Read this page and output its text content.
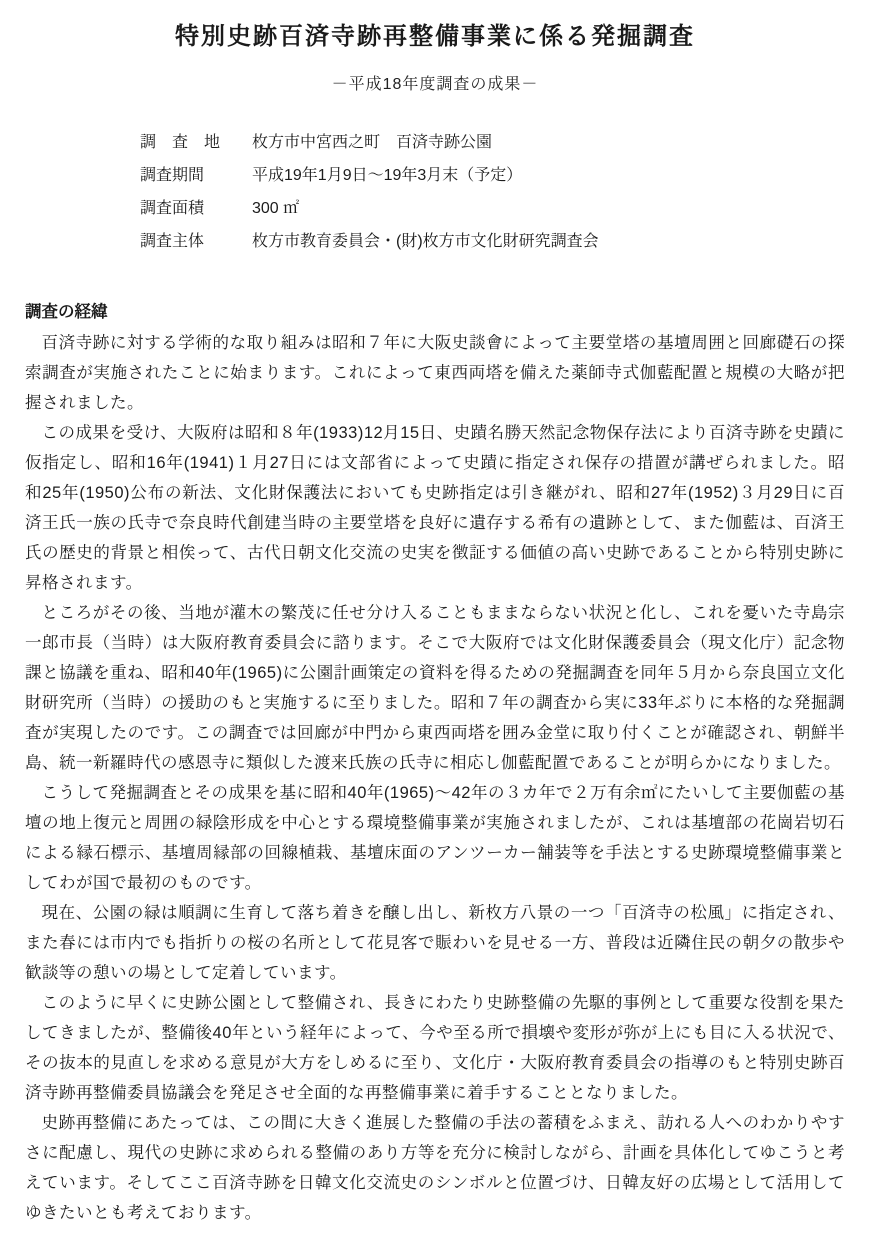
特別史跡百済寺跡再整備事業に係る発掘調査
－平成18年度調査の成果－
調　査　地	枚方市中宮西之町　百済寺跡公園
調査期間	平成19年1月9日～19年3月末（予定）
調査面積	300 ㎡
調査主体	枚方市教育委員会・(財)枚方市文化財研究調査会
調査の経緯

百済寺跡に対する学術的な取り組みは昭和７年に大阪史談會によって主要堂塔の基壇周囲と回廊礎石の探索調査が実施されたことに始まります。これによって東西両塔を備えた薬師寺式伽藍配置と規模の大略が把握されました。

この成果を受け、大阪府は昭和８年(1933)12月15日、史蹟名勝天然記念物保存法により百済寺跡を史蹟に仮指定し、昭和16年(1941)１月27日には文部省によって史蹟に指定され保存の措置が講ぜられました。昭和25年(1950)公布の新法、文化財保護法においても史跡指定は引き継がれ、昭和27年(1952)３月29日に百済王氏一族の氏寺で奈良時代創建当時の主要堂塔を良好に遺存する希有の遺跡として、また伽藍は、百済王氏の歴史的背景と相俟って、古代日朝文化交流の史実を徴証する価値の高い史跡であることから特別史跡に昇格されます。

ところがその後、当地が灌木の繁茂に任せ分け入ることもままならない状況と化し、これを憂いた寺島宗一郎市長（当時）は大阪府教育委員会に諮ります。そこで大阪府では文化財保護委員会（現文化庁）記念物課と協議を重ね、昭和40年(1965)に公園計画策定の資料を得るための発掘調査を同年５月から奈良国立文化財研究所（当時）の援助のもと実施するに至りました。昭和７年の調査から実に33年ぶりに本格的な発掘調査が実現したのです。この調査では回廊が中門から東西両塔を囲み金堂に取り付くことが確認され、朝鮮半島、統一新羅時代の感恩寺に類似した渡来氏族の氏寺に相応し伽藍配置であることが明らかになりました。

こうして発掘調査とその成果を基に昭和40年(1965)～42年の３カ年で２万有余㎡にたいして主要伽藍の基壇の地上復元と周囲の緑陰形成を中心とする環境整備事業が実施されましたが、これは基壇部の花崗岩切石による縁石標示、基壇周縁部の回線植栽、基壇床面のアンツーカー舗装等を手法とする史跡環境整備事業としてわが国で最初のものです。

現在、公園の緑は順調に生育して落ち着きを醸し出し、新枚方八景の一つ「百済寺の松風」に指定され、また春には市内でも指折りの桜の名所として花見客で賑わいを見せる一方、普段は近隣住民の朝夕の散歩や歓談等の憩いの場として定着しています。

このように早くに史跡公園として整備され、長きにわたり史跡整備の先駆的事例として重要な役割を果たしてきましたが、整備後40年という経年によって、今や至る所で損壊や変形が弥が上にも目に入る状況で、その抜本的見直しを求める意見が大方をしめるに至り、文化庁・大阪府教育委員会の指導のもと特別史跡百済寺跡再整備委員協議会を発足させ全面的な再整備事業に着手することとなりました。

史跡再整備にあたっては、この間に大きく進展した整備の手法の蓄積をふまえ、訪れる人へのわかりやすさに配慮し、現代の史跡に求められる整備のあり方等を充分に検討しながら、計画を具体化してゆこうと考えています。そしてここ百済寺跡を日韓文化交流史のシンボルと位置づけ、日韓友好の広場として活用してゆきたいとも考えております。
